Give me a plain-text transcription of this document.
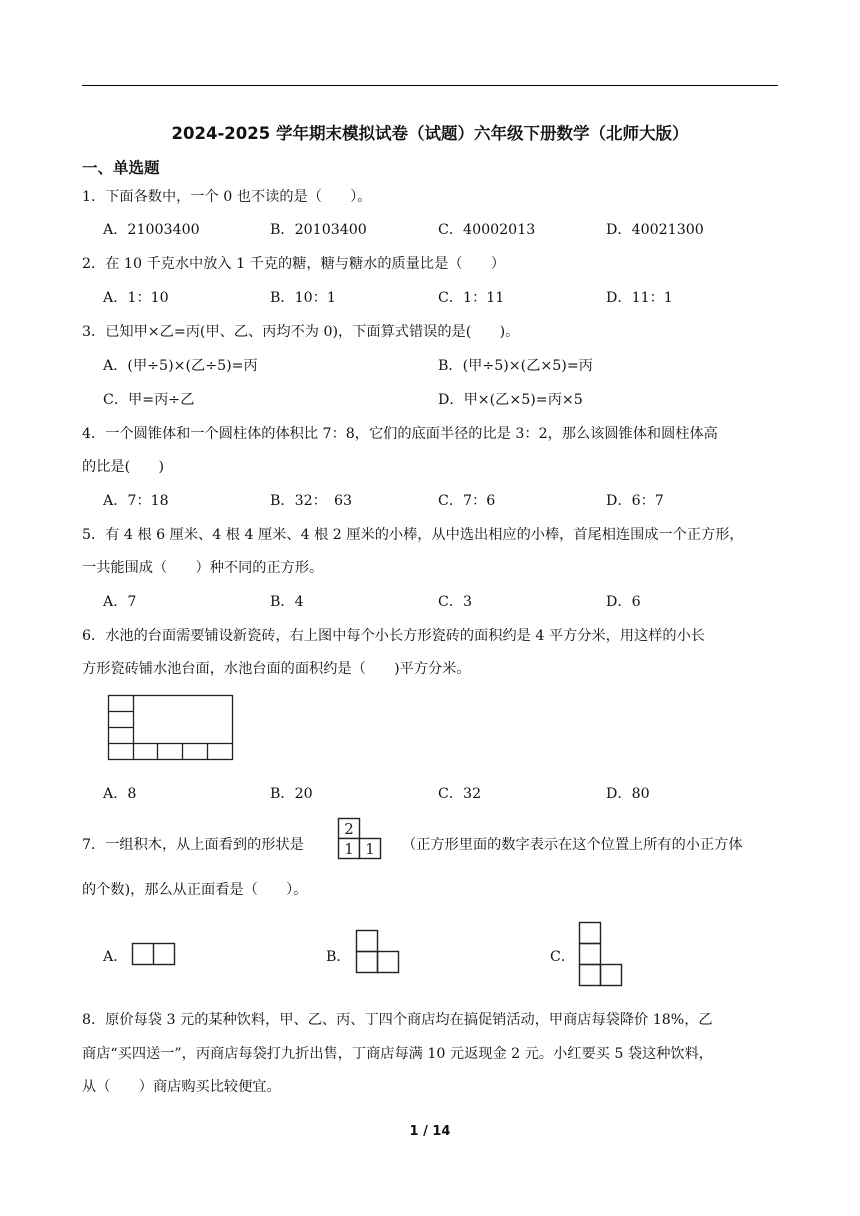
2024-2025 学年期末模拟试卷（试题）六年级下册数学（北师大版）
一、单选题
1．下面各数中，一个 0 也不读的是（　　）。
A．21003400	B．20103400	C．40002013	D．40021300
2．在 10 千克水中放入 1 千克的糖，糖与糖水的质量比是（　　）
A．1：10	B．10：1	C．1：11	D．11：1
3．已知甲×乙=丙(甲、乙、丙均不为 0)，下面算式错误的是(　　)。
A．(甲÷5)×(乙÷5)=丙	B．(甲÷5)×(乙×5)=丙
C．甲=丙÷乙	D．甲×(乙×5)=丙×5
4．一个圆锥体和一个圆柱体的体积比 7：8，它们的底面半径的比是 3：2，那么该圆锥体和圆柱体高
的比是(　　)
A．7：18	B．32：　63	C．7：6	D．6：7
5．有 4 根 6 厘米、4 根 4 厘米、4 根 2 厘米的小棒，从中选出相应的小棒，首尾相连围成一个正方形，
一共能围成（　　）种不同的正方形。
A．7	B．4	C．3	D．6
6．水池的台面需要铺设新瓷砖，右上图中每个小长方形瓷砖的面积约是 4 平方分米，用这样的小长
方形瓷砖铺水池台面，水池台面的面积约是（　　)平方分米。
A．8	B．20	C．32	D．80
7．一组积木，从上面看到的形状是
2
1 1 （正方形里面的数字表示在这个位置上所有的小正方体
的个数)，那么从正面看是（　　）。
A．	B．	C．
8．原价每袋 3 元的某种饮料，甲、乙、丙、丁四个商店均在搞促销活动，甲商店每袋降价 18%，乙
商店“买四送一”，丙商店每袋打九折出售，丁商店每满 10 元返现金 2 元。小红要买 5 袋这种饮料，
从（　　）商店购买比较便宜。
1 / 14
